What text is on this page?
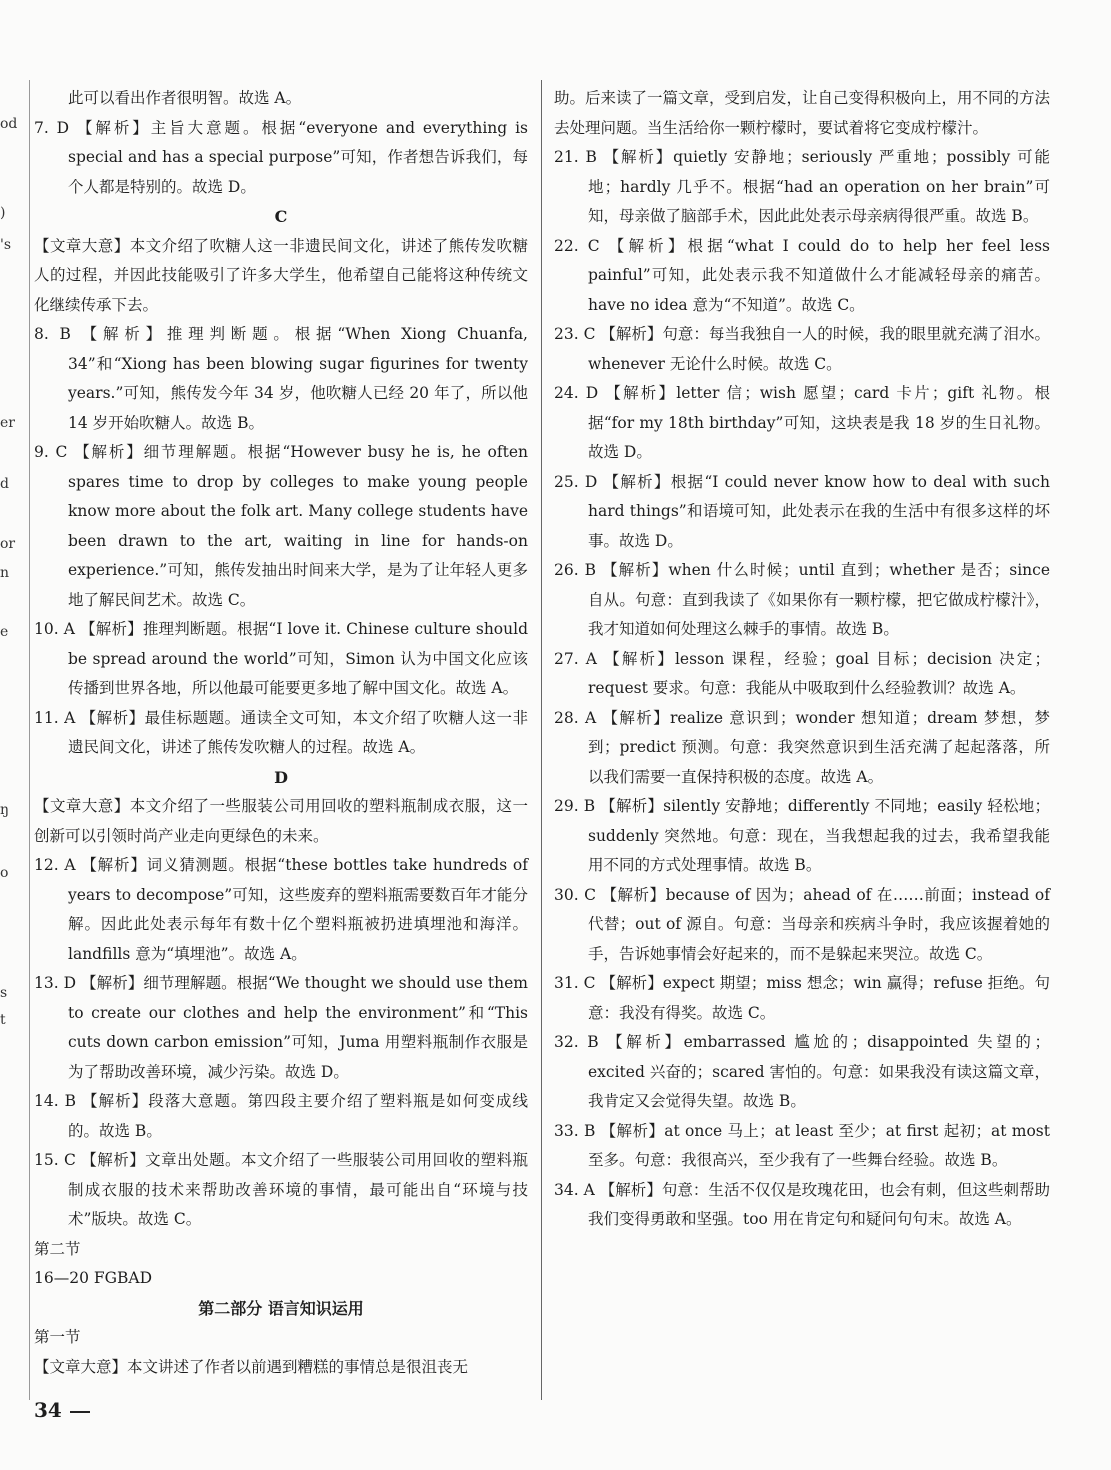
od
)
's
er
d
or
n
e
ŋ
o
s
t

此可以看出作者很明智。故选 A。

7. D 【解析】主旨大意题。根据“everyone and everything is special and has a special purpose”可知，作者想告诉我们，每个人都是特别的。故选 D。

C

【文章大意】本文介绍了吹糖人这一非遗民间文化，讲述了熊传发吹糖人的过程，并因此技能吸引了许多大学生，他希望自己能将这种传统文化继续传承下去。

8. B 【解析】推理判断题。根据“When Xiong Chuanfa, 34”和“Xiong has been blowing sugar figurines for twenty years.”可知，熊传发今年 34 岁，他吹糖人已经 20 年了，所以他 14 岁开始吹糖人。故选 B。

9. C 【解析】细节理解题。根据“However busy he is, he often spares time to drop by colleges to make young people know more about the folk art. Many college students have been drawn to the art, waiting in line for hands-on experience.”可知，熊传发抽出时间来大学，是为了让年轻人更多地了解民间艺术。故选 C。

10. A 【解析】推理判断题。根据“I love it. Chinese culture should be spread around the world”可知，Simon 认为中国文化应该传播到世界各地，所以他最可能要更多地了解中国文化。故选 A。

11. A 【解析】最佳标题题。通读全文可知，本文介绍了吹糖人这一非遗民间文化，讲述了熊传发吹糖人的过程。故选 A。

D

【文章大意】本文介绍了一些服装公司用回收的塑料瓶制成衣服，这一创新可以引领时尚产业走向更绿色的未来。

12. A 【解析】词义猜测题。根据“these bottles take hundreds of years to decompose”可知，这些废弃的塑料瓶需要数百年才能分解。因此此处表示每年有数十亿个塑料瓶被扔进填埋池和海洋。landfills 意为“填埋池”。故选 A。

13. D 【解析】细节理解题。根据“We thought we should use them to create our clothes and help the environment”和“This cuts down carbon emission”可知，Juma 用塑料瓶制作衣服是为了帮助改善环境，减少污染。故选 D。

14. B 【解析】段落大意题。第四段主要介绍了塑料瓶是如何变成线的。故选 B。

15. C 【解析】文章出处题。本文介绍了一些服装公司用回收的塑料瓶制成衣服的技术来帮助改善环境的事情，最可能出自“环境与技术”版块。故选 C。

第二节

16—20 FGBAD

第二部分 语言知识运用

第一节

【文章大意】本文讲述了作者以前遇到糟糕的事情总是很沮丧无

助。后来读了一篇文章，受到启发，让自己变得积极向上，用不同的方法去处理问题。当生活给你一颗柠檬时，要试着将它变成柠檬汁。

21. B 【解析】quietly 安静地；seriously 严重地；possibly 可能地；hardly 几乎不。根据“had an operation on her brain”可知，母亲做了脑部手术，因此此处表示母亲病得很严重。故选 B。

22. C 【解析】根据“what I could do to help her feel less painful”可知，此处表示我不知道做什么才能减轻母亲的痛苦。have no idea 意为“不知道”。故选 C。

23. C 【解析】句意：每当我独自一人的时候，我的眼里就充满了泪水。whenever 无论什么时候。故选 C。

24. D 【解析】letter 信；wish 愿望；card 卡片；gift 礼物。根据“for my 18th birthday”可知，这块表是我 18 岁的生日礼物。故选 D。

25. D 【解析】根据“I could never know how to deal with such hard things”和语境可知，此处表示在我的生活中有很多这样的坏事。故选 D。

26. B 【解析】when 什么时候；until 直到；whether 是否；since 自从。句意：直到我读了《如果你有一颗柠檬，把它做成柠檬汁》，我才知道如何处理这么棘手的事情。故选 B。

27. A 【解析】lesson 课程，经验；goal 目标；decision 决定；request 要求。句意：我能从中吸取到什么经验教训？故选 A。

28. A 【解析】realize 意识到；wonder 想知道；dream 梦想，梦到；predict 预测。句意：我突然意识到生活充满了起起落落，所以我们需要一直保持积极的态度。故选 A。

29. B 【解析】silently 安静地；differently 不同地；easily 轻松地；suddenly 突然地。句意：现在，当我想起我的过去，我希望我能用不同的方式处理事情。故选 B。

30. C 【解析】because of 因为；ahead of 在……前面；instead of 代替；out of 源自。句意：当母亲和疾病斗争时，我应该握着她的手，告诉她事情会好起来的，而不是躲起来哭泣。故选 C。

31. C 【解析】expect 期望；miss 想念；win 赢得；refuse 拒绝。句意：我没有得奖。故选 C。

32. B 【解析】embarrassed 尴尬的；disappointed 失望的；excited 兴奋的；scared 害怕的。句意：如果我没有读这篇文章，我肯定又会觉得失望。故选 B。

33. B 【解析】at once 马上；at least 至少；at first 起初；at most 至多。句意：我很高兴，至少我有了一些舞台经验。故选 B。

34. A 【解析】句意：生活不仅仅是玫瑰花田，也会有刺，但这些刺帮助我们变得勇敢和坚强。too 用在肯定句和疑问句句末。故选 A。

34
